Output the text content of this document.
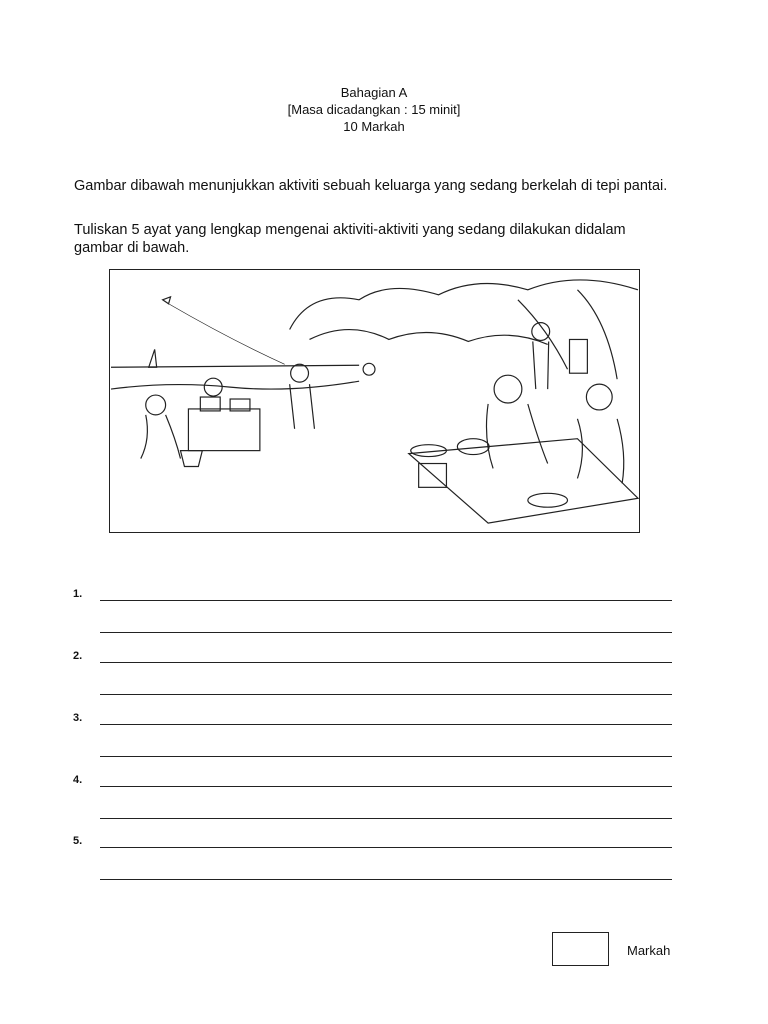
Bahagian A
[Masa dicadangkan : 15 minit]
10 Markah

Gambar dibawah menunjukkan aktiviti sebuah keluarga yang sedang berkelah di tepi pantai.

Tuliskan 5 ayat yang lengkap mengenai aktiviti-aktiviti yang sedang dilakukan didalam gambar di bawah.

1.
2.
3.
4.
5.
Markah
